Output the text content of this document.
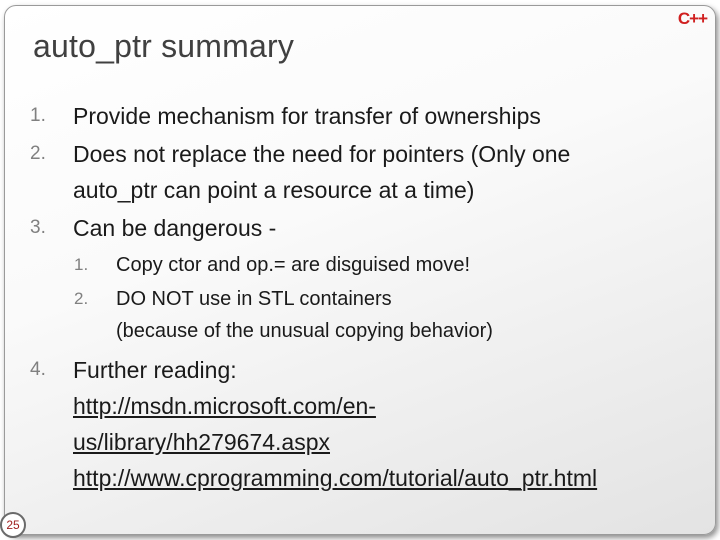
auto_ptr summary
C++
1. Provide mechanism for transfer of ownerships
2. Does not replace the need for pointers (Only one
auto_ptr can point a resource at a time)
3. Can be dangerous -
1. Copy ctor and op.= are disguised move!
2. DO NOT use in STL containers
(because of the unusual copying behavior)
4. Further reading:
http://msdn.microsoft.com/en-
us/library/hh279674.aspx
http://www.cprogramming.com/tutorial/auto_ptr.html
25
